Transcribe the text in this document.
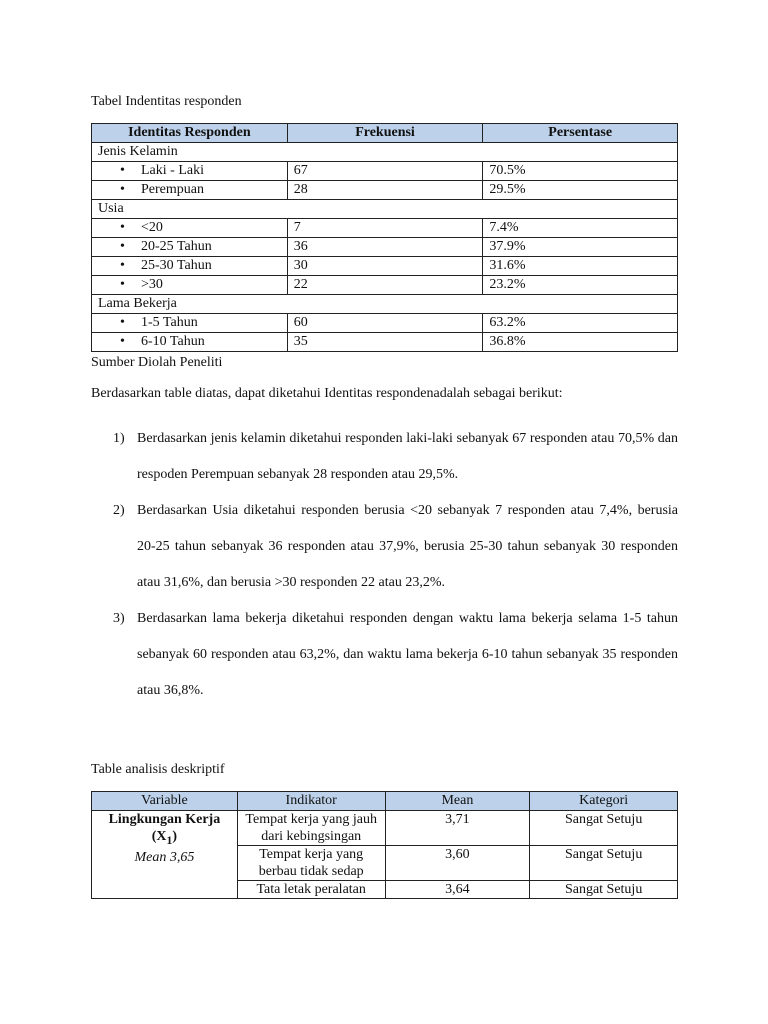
Tabel Indentitas responden
Identitas Responden	Frekuensi	Persentase
Jenis Kelamin		
• Laki - Laki	67	70.5%
• Perempuan	28	29.5%
Usia		
• <20	7	7.4%
• 20-25 Tahun	36	37.9%
• 25-30 Tahun	30	31.6%
• >30	22	23.2%
Lama Bekerja		
• 1-5 Tahun	60	63.2%
• 6-10 Tahun	35	36.8%
Sumber Diolah Peneliti
Berdasarkan table diatas, dapat diketahui Identitas respondenadalah sebagai berikut:
1) Berdasarkan jenis kelamin diketahui responden laki-laki sebanyak 67 responden atau 70,5% dan respoden Perempuan sebanyak 28 responden atau 29,5%.
2) Berdasarkan Usia diketahui responden berusia <20 sebanyak 7 responden atau 7,4%, berusia 20-25 tahun sebanyak 36 responden atau 37,9%, berusia 25-30 tahun sebanyak 30 responden atau 31,6%, dan berusia >30 responden 22 atau 23,2%.
3) Berdasarkan lama bekerja diketahui responden dengan waktu lama bekerja selama 1-5 tahun sebanyak 60 responden atau 63,2%, dan waktu lama bekerja 6-10 tahun sebanyak 35 responden atau 36,8%.
Table analisis deskriptif
Variable	Indikator	Mean	Kategori

Lingkungan Kerja
$(X_1)$
Mean 3,65	Tempat kerja yang jauh dari kebingsingan	3,71	Sangat Setuju
	Tempat kerja yang berbau tidak sedap	3,60	Sangat Setuju
	Tata letak peralatan	3,64	Sangat Setuju
